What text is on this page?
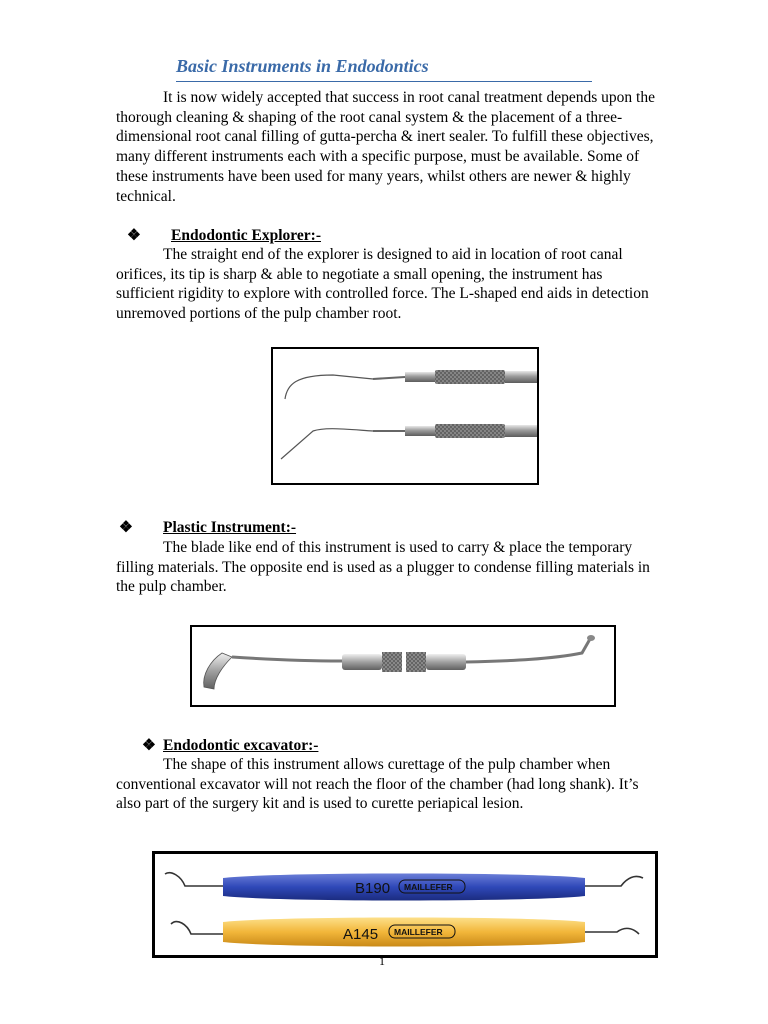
Basic Instruments in Endodontics

It is now widely accepted that success in root canal treatment depends upon the thorough cleaning & shaping of the root canal system & the placement of a three- dimensional root canal filling of gutta-percha & inert sealer. To fulfill these objectives, many different instruments each with a specific purpose, must be available. Some of these instruments have been used for many years, whilst others are newer & highly technical.

❖ Endodontic Explorer:-

The straight end of the explorer is designed to aid in location of root canal orifices, its tip is sharp & able to negotiate a small opening, the instrument has sufficient rigidity to explore with controlled force. The L-shaped end aids in detection unremoved portions of the pulp chamber root.

❖ Plastic Instrument:-

The blade like end of this instrument is used to carry & place the temporary filling materials. The opposite end is used as a plugger to condense filling materials in the pulp chamber.

❖ Endodontic excavator:-

The shape of this instrument allows curettage of the pulp chamber when conventional excavator will not reach the floor of the chamber (had long shank). It’s also part of the surgery kit and is used to curette periapical lesion.

B190 MAILLEFER
A145 MAILLEFER
1
